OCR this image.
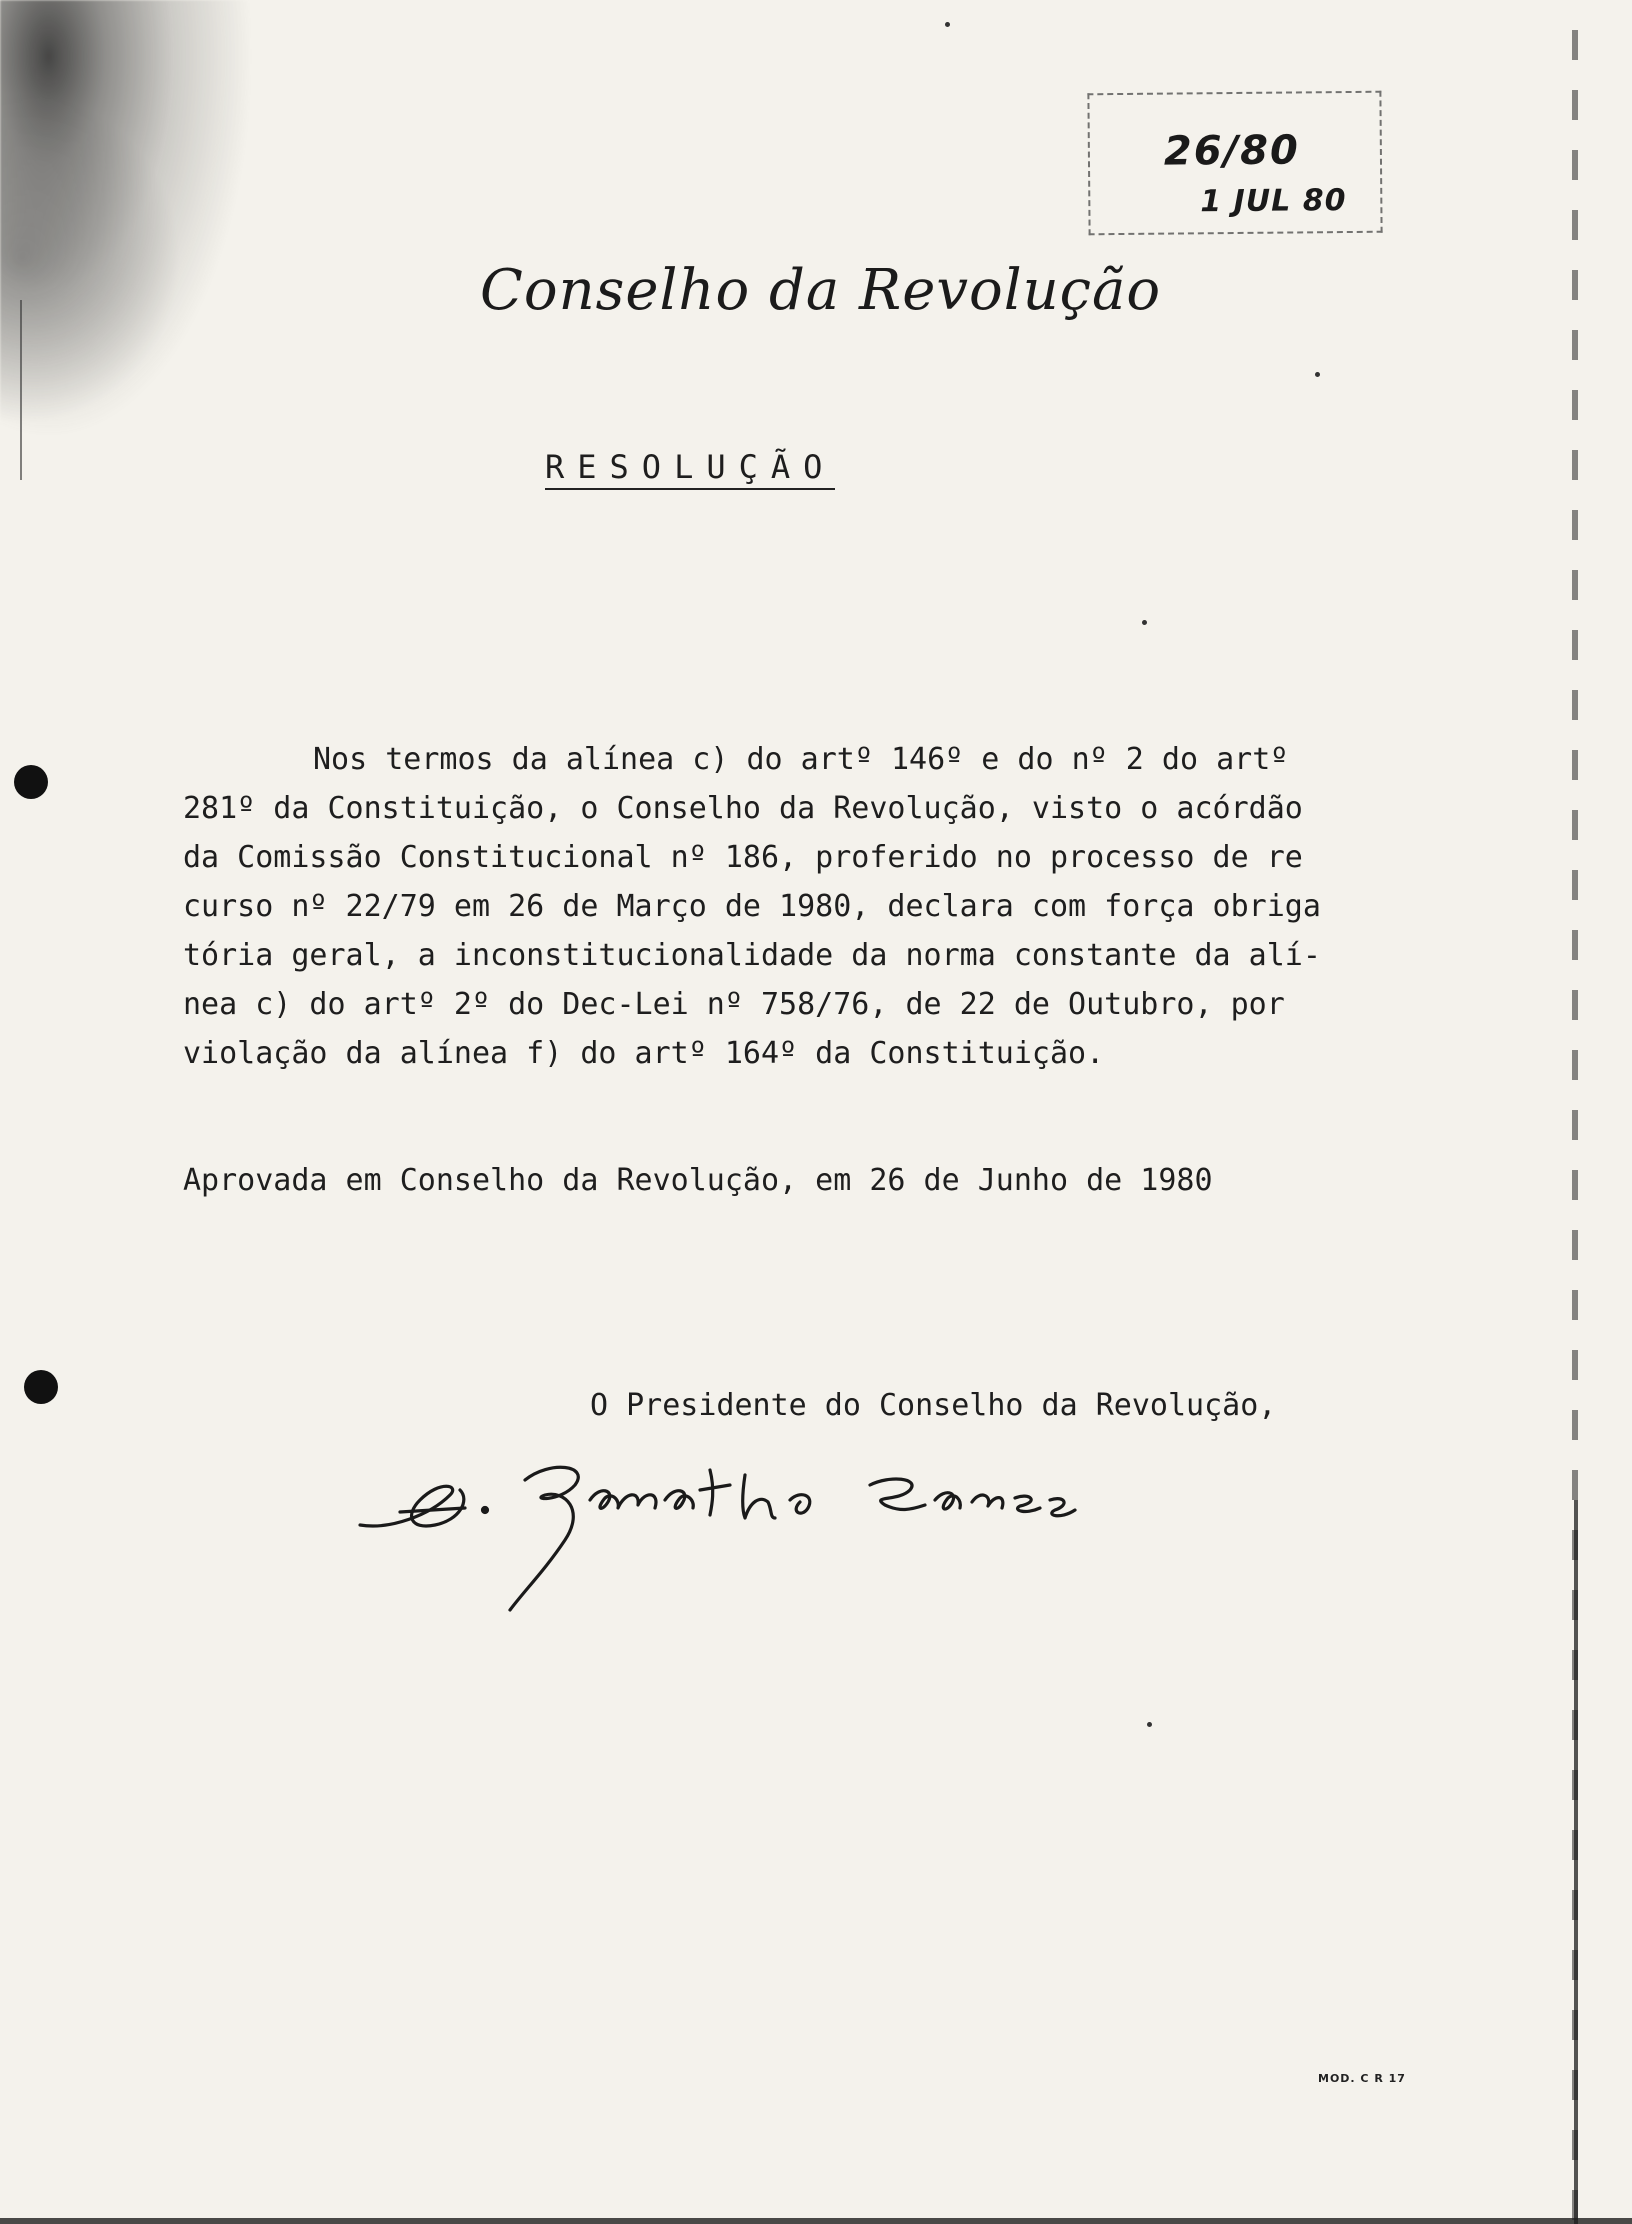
26/80
1 JUL 80
Conselho da Revolução
RESOLUÇÃO
Nos termos da alínea c) do artº 146º e do nº 2 do artº
281º da Constituição, o Conselho da Revolução, visto o acórdão
da Comissão Constitucional nº 186, proferido no processo de re
curso nº 22/79 em 26 de Março de 1980, declara com força obriga
tória geral, a inconstitucionalidade da norma constante da alí-
nea c) do artº 2º do Dec-Lei nº 758/76, de 22 de Outubro, por
violação da alínea f) do artº 164º da Constituição.
Aprovada em Conselho da Revolução, em 26 de Junho de 1980
O Presidente do Conselho da Revolução,
MOD. C R 17
